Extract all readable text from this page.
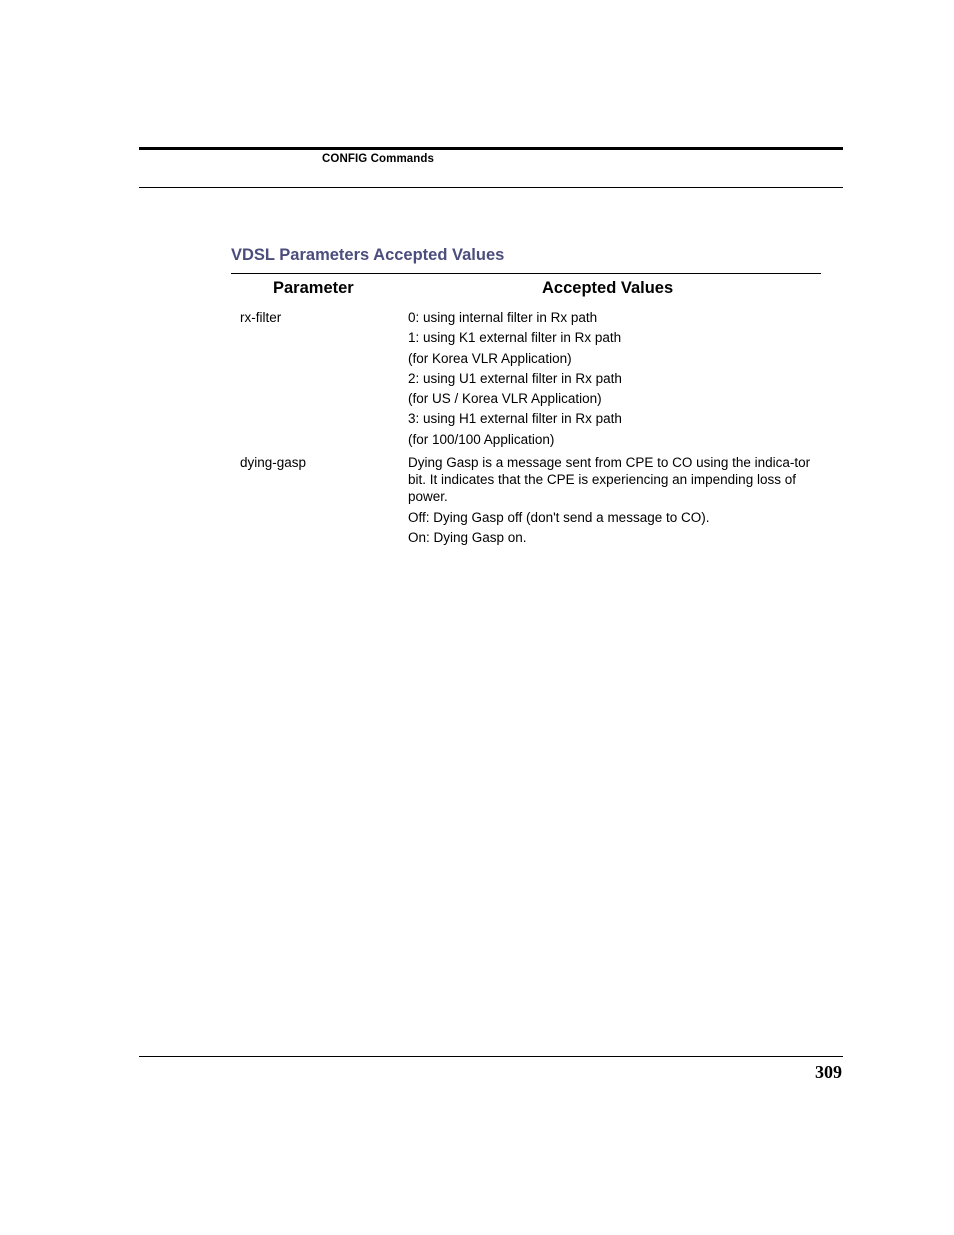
CONFIG Commands
VDSL Parameters Accepted Values
Parameter	Accepted Values
rx-filter	0: using internal filter in Rx path
1: using K1 external filter in Rx path
(for Korea VLR Application)
2: using U1 external filter in Rx path
(for US / Korea VLR Application)
3: using H1 external filter in Rx path
(for 100/100 Application)
dying-gasp	Dying Gasp is a message sent from CPE to CO using the indica-tor bit. It indicates that the CPE is experiencing an impending loss of power.
Off: Dying Gasp off (don't send a message to CO).
On: Dying Gasp on.
309
